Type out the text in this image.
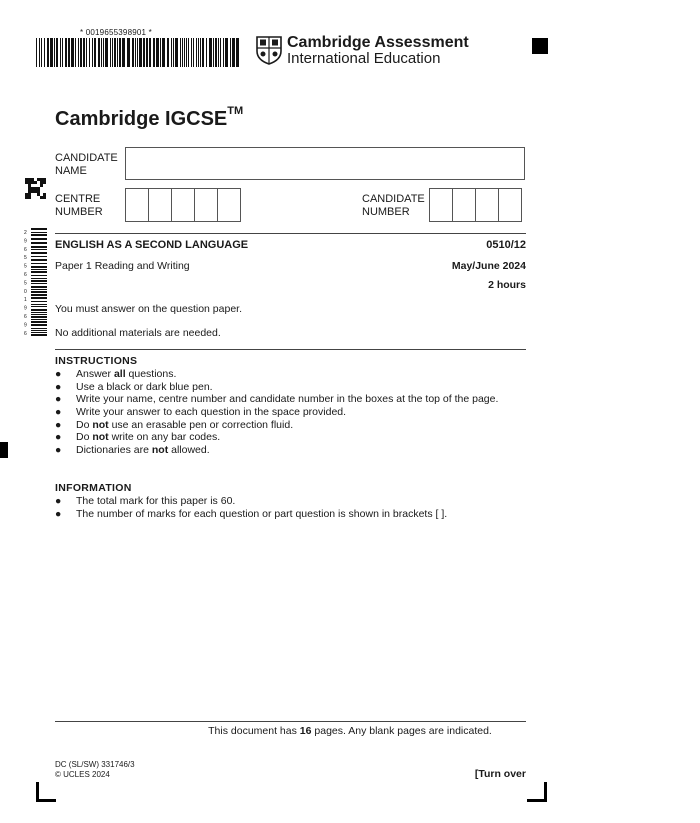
* 0019655398901 *
Cambridge Assessment
International Education
Cambridge IGCSE™
CANDIDATE NAME
2
9
6
5
5
6
5
0
1
9
6
9
6
CENTRE NUMBER
CANDIDATE NUMBER
ENGLISH AS A SECOND LANGUAGE	0510/12
Paper 1 Reading and Writing	May/June 2024
2 hours
You must answer on the question paper.
No additional materials are needed.
INSTRUCTIONS
● Answer all questions.
● Use a black or dark blue pen.
● Write your name, centre number and candidate number in the boxes at the top of the page.
● Write your answer to each question in the space provided.
● Do not use an erasable pen or correction fluid.
● Do not write on any bar codes.
● Dictionaries are not allowed.
INFORMATION
● The total mark for this paper is 60.
● The number of marks for each question or part question is shown in brackets [ ].
This document has 16 pages. Any blank pages are indicated.
DC (SL/SW) 331746/3
© UCLES 2024	[Turn over
